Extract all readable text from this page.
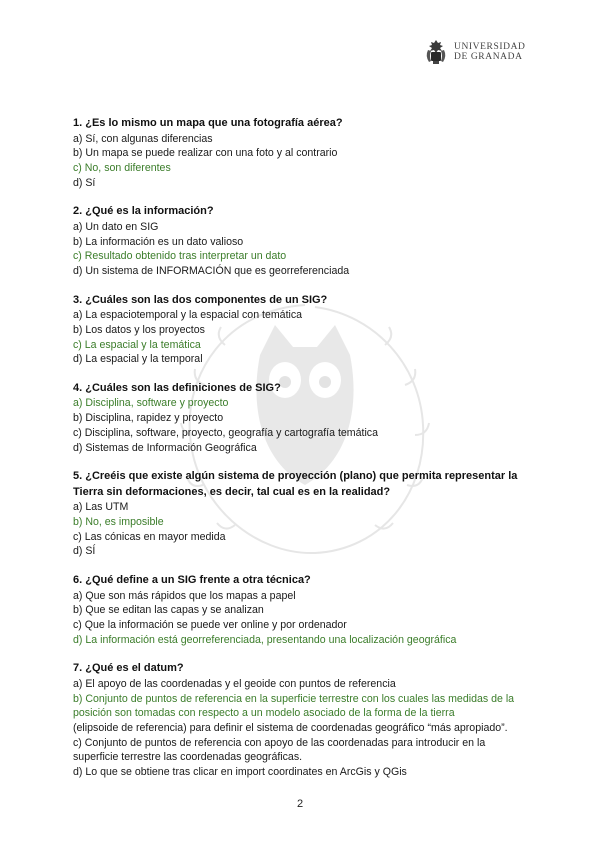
UNIVERSIDAD
DE GRANADA
1. ¿Es lo mismo un mapa que una fotografía aérea?
a) Sí, con algunas diferencias
b) Un mapa se puede realizar con una foto y al contrario
c) No, son diferentes
d) Sí
2. ¿Qué es la información?
a) Un dato en SIG
b) La información es un dato valioso
c) Resultado obtenido tras interpretar un dato
d) Un sistema de INFORMACIÓN que es georreferenciada
3. ¿Cuáles son las dos componentes de un SIG?
a) La espaciotemporal y la espacial con temática
b) Los datos y los proyectos
c) La espacial y la temática
d) La espacial y la temporal
4. ¿Cuáles son las definiciones de SIG?
a) Disciplina, software y proyecto
b) Disciplina, rapidez y proyecto
c) Disciplina, software, proyecto, geografía y cartografía temática
d) Sistemas de Información Geográfica
5. ¿Creéis que existe algún sistema de proyección (plano) que permita representar la Tierra sin deformaciones, es decir, tal cual es en la realidad?
a) Las UTM
b) No, es imposible
c) Las cónicas en mayor medida
d) SÍ
6. ¿Qué define a un SIG frente a otra técnica?
a) Que son más rápidos que los mapas a papel
b) Que se editan las capas y se analizan
c) Que la información se puede ver online y por ordenador
d) La información está georreferenciada, presentando una localización geográfica
7. ¿Qué es el datum?
a) El apoyo de las coordenadas y el geoide con puntos de referencia
b) Conjunto de puntos de referencia en la superficie terrestre con los cuales las medidas de la posición son tomadas con respecto a un modelo asociado de la forma de la tierra
(elipsoide de referencia) para definir el sistema de coordenadas geográfico “más apropiado”.
c) Conjunto de puntos de referencia con apoyo de las coordenadas para introducir en la superficie terrestre las coordenadas geográficas.
d) Lo que se obtiene tras clicar en import coordinates en ArcGis y QGis
2
